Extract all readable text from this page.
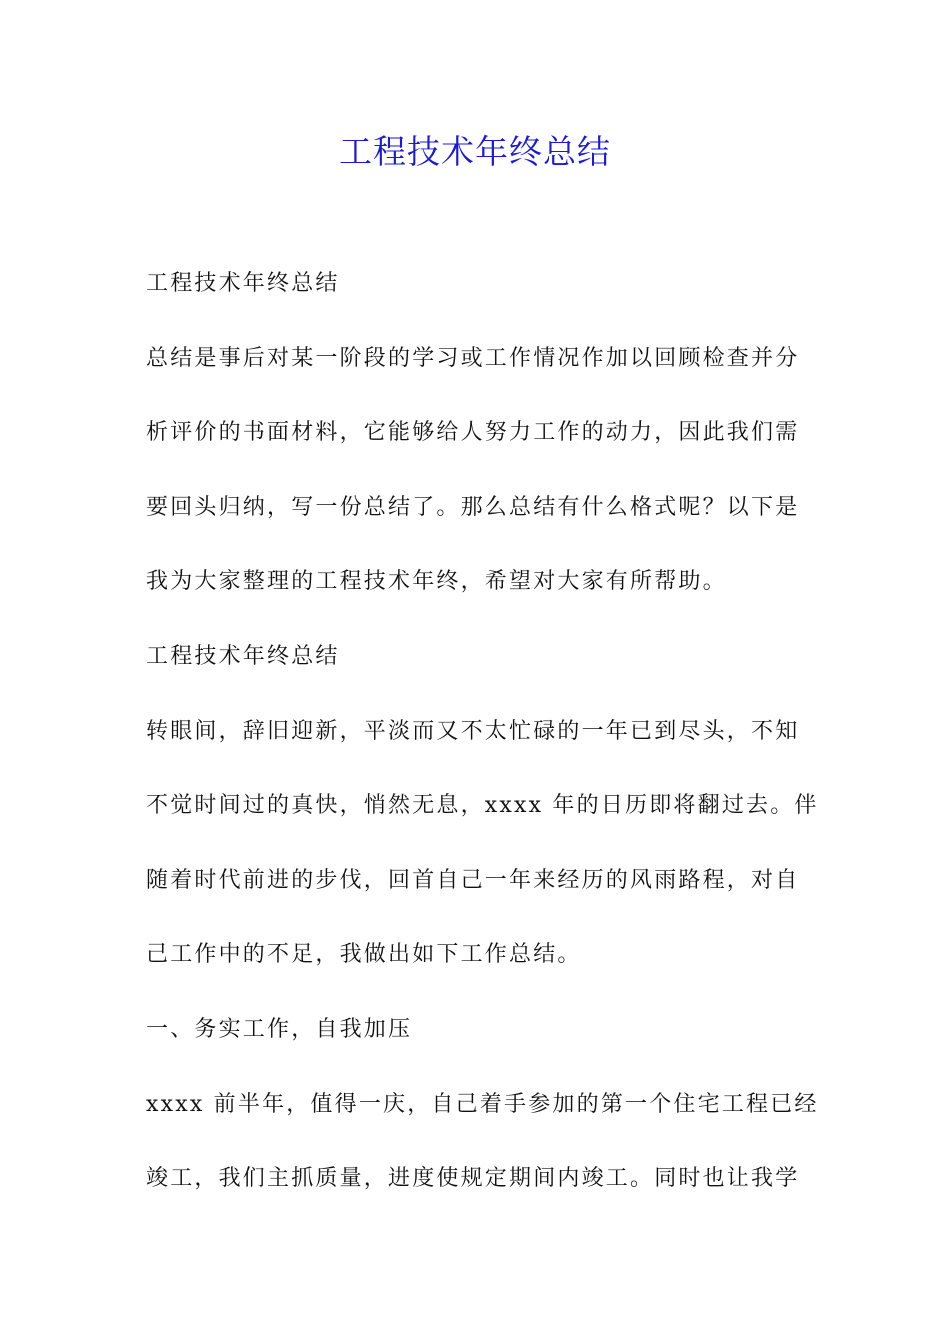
工程技术年终总结
工程技术年终总结
总结是事后对某一阶段的学习或工作情况作加以回顾检查并分
析评价的书面材料，它能够给人努力工作的动力，因此我们需
要回头归纳，写一份总结了。那么总结有什么格式呢？以下是
我为大家整理的工程技术年终，希望对大家有所帮助。
工程技术年终总结
转眼间，辞旧迎新，平淡而又不太忙碌的一年已到尽头，不知
不觉时间过的真快，悄然无息，xxxx 年的日历即将翻过去。伴
随着时代前进的步伐，回首自己一年来经历的风雨路程，对自
己工作中的不足，我做出如下工作总结。
一、务实工作，自我加压
xxxx 前半年，值得一庆，自己着手参加的第一个住宅工程已经
竣工，我们主抓质量，进度使规定期间内竣工。同时也让我学
